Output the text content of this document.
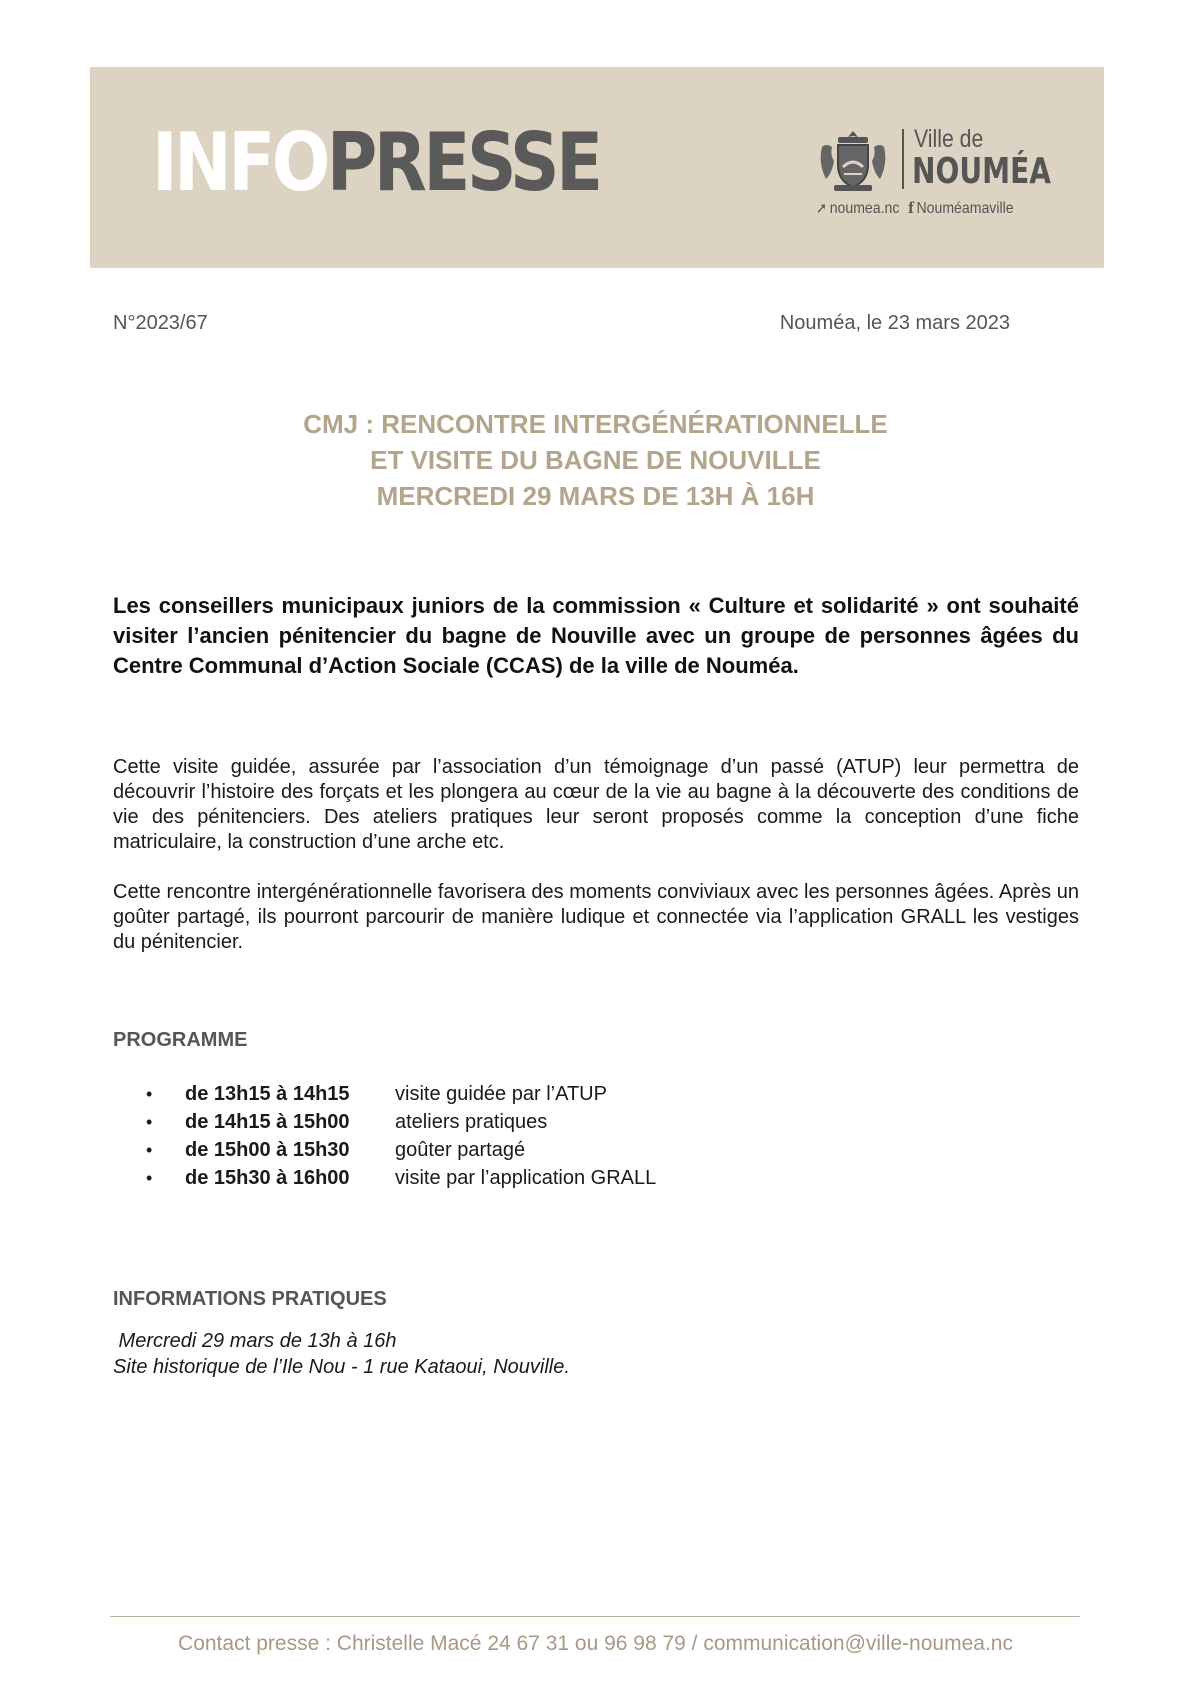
INFOPRESSE	Ville de
NOUMÉA
➚ noumea.nc f Nouméamaville
N°2023/67	Nouméa, le 23 mars 2023
CMJ : RENCONTRE INTERGÉNÉRATIONNELLE
ET VISITE DU BAGNE DE NOUVILLE
MERCREDI 29 MARS DE 13H À 16H

Les conseillers municipaux juniors de la commission « Culture et solidarité » ont souhaité visiter l’ancien pénitencier du bagne de Nouville avec un groupe de personnes âgées du Centre Communal d’Action Sociale (CCAS) de la ville de Nouméa.

Cette visite guidée, assurée par l’association d’un témoignage d’un passé (ATUP) leur permettra de découvrir l’histoire des forçats et les plongera au cœur de la vie au bagne à la découverte des conditions de vie des pénitenciers. Des ateliers pratiques leur seront proposés comme la conception d’une fiche matriculaire, la construction d’une arche etc.

Cette rencontre intergénérationnelle favorisera des moments conviviaux avec les personnes âgées. Après un goûter partagé, ils pourront parcourir de manière ludique et connectée via l’application GRALL les vestiges du pénitencier.

PROGRAMME
• de 13h15 à 14h15 visite guidée par l’ATUP
• de 14h15 à 15h00 ateliers pratiques
• de 15h00 à 15h30 goûter partagé
• de 15h30 à 16h00 visite par l’application GRALL
INFORMATIONS PRATIQUES
Mercredi 29 mars de 13h à 16h
Site historique de l’Ile Nou - 1 rue Kataoui, Nouville.
Contact presse : Christelle Macé 24 67 31 ou 96 98 79 / communication@ville-noumea.nc
